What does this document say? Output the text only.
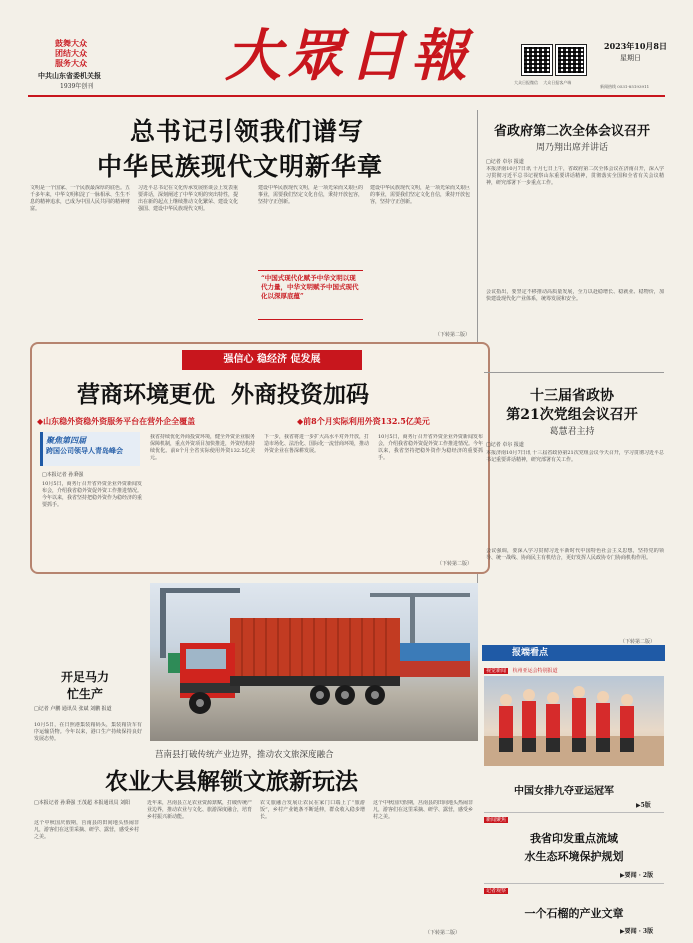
鼓舞大众
团结大众
服务大众
中共山东省委机关报
1939年创刊 大眾日報	大众日报微信 大众日报客户端
2023年10月8日
星期日
新闻热线 0531-85193911
总书记引领我们谱写
中华民族现代文明新华章
文明是一个国家、一个民族最深厚的底色。五千多年来，中华文明积淀了一脉相承、生生不息的精神追求，已成为中国人民共同的精神财富。
习近平总书记在文化传承发展座谈会上发表重要讲话，深刻阐述了中华文明的突出特性，提出在新的起点上继续推动文化繁荣、建设文化强国、建设中华民族现代文明。
“中国式现代化赋予中华文明以现代力量，中华文明赋予中国式现代化以深厚底蕴”
建设中华民族现代文明，是一项光荣而又艰巨的事业，需要我们坚定文化自信，秉持开放包容，坚持守正创新。
建设中华民族现代文明，是一项光荣而又艰巨的事业，需要我们坚定文化自信，秉持开放包容，坚持守正创新。
（下转第二版）
省政府第二次全体会议召开
周乃翔出席并讲话
□记者 卓尔 报道
本报济南10月7日讯 十月七日上午，省政府第二次全体会议在济南召开，深入学习贯彻习近平总书记视察山东重要讲话精神，贯彻落实全国和全省有关会议精神，研究部署下一步重点工作。
会议指出，要坚定不移推动高质量发展，全力以赴稳增长、稳就业、稳物价，加快建设现代化产业体系，统筹发展和安全。
强信心 稳经济 促发展
营商环境更优  外商投资加码
◆山东稳外资稳外资服务平台在营外企全覆盖	◆前8个月实际利用外资132.5亿美元
聚焦第四届
跨国公司领导人青岛峰会
□本报记者 孙秉强
10月5日，商务厅召开省外资企业外资新闻发布会，介绍我省稳外资促外资工作推进情况。今年以来，我省坚持把稳外资作为稳经济的重要抓手。
我省持续优化外商投资环境，健全外资企业服务保障机制，重点外资项目加快推进，外资结构持续优化。前8个月全省实际使用外资132.5亿美元。
下一步，我省将进一步扩大高水平对外开放，打造市场化、法治化、国际化一流营商环境，推动外资企业在鲁深耕发展。
10月5日，商务厅召开省外资企业外资新闻发布会，介绍我省稳外资促外资工作推进情况。今年以来，我省坚持把稳外资作为稳经济的重要抓手。
（下转第二版）
十三届省政协
第21次党组会议召开
葛慧君主持
□记者 卓尔 报道
本报济南10月7日讯 十三届省政协第21次党组会议今天召开，学习贯彻习近平总书记重要讲话精神，研究部署有关工作。
会议强调，要深入学习贯彻习近平新时代中国特色社会主义思想，坚持党的领导、统一战线、协商民主有机结合，更好发挥人民政协专门协商机构作用。
（下转第二版）
开足马力
忙生产
□记者 卢鹏 通讯员 张斌 刘鹏 报道
10月5日，在日照港集装箱码头，集装箱货车有序运输货物。今年以来，港口生产持续保持良好发展态势。
莒南县打破传统产业边界，推动农文旅深度融合
农业大县解锁文旅新玩法
□本报记者 孙秉强 王茂超 本报通讯员 刘阳
这个中秋国庆假期，莒南县的田间地头热闹非凡，游客们在这里采摘、研学、露营，感受乡村之美。
近年来，莒南县立足农业资源禀赋，打破传统产业边界，推动农业与文化、旅游深度融合，培育乡村振兴新动能。
农文旅融合发展让农民在家门口端上了“旅游饭”，乡村产业链条不断延伸，群众收入稳步增长。
这个中秋国庆假期，莒南县的田间地头热闹非凡，游客们在这里采摘、研学、露营，感受乡村之美。
（下转第二版）
报端看点
视觉新闻 杭州亚运会特别报道
中国女排九夺亚运冠军
▶5版
新闻聚焦
我省印发重点流域
水生态环境保护规划
▶要闻 · 2版
记者观察
一个石榴的产业文章
▶要闻 · 3版
